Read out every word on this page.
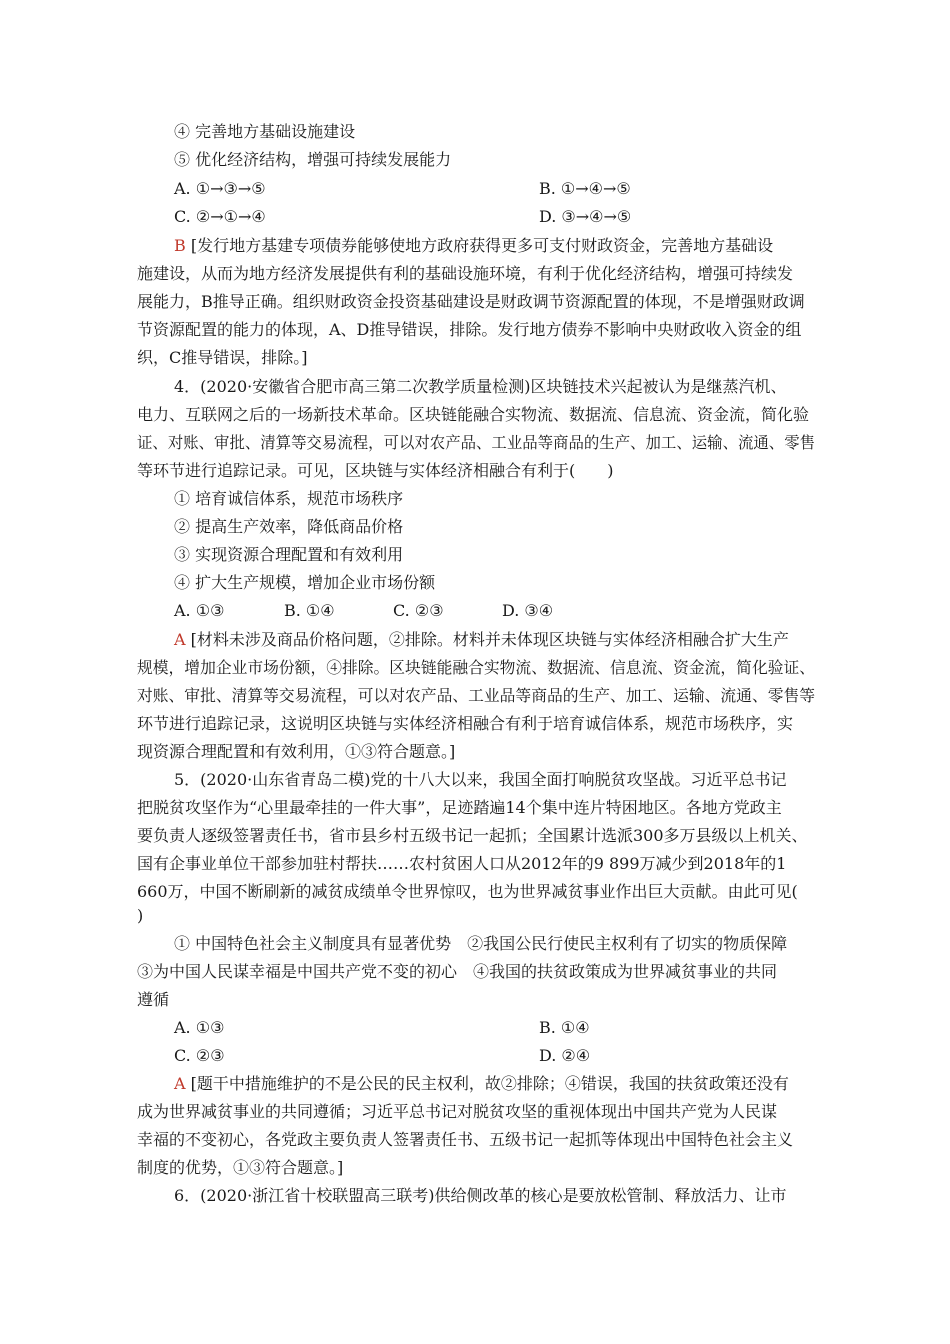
④ 完善地方基础设施建设
⑤ 优化经济结构，增强可持续发展能力
A. ①→③→⑤	B. ①→④→⑤
C. ②→①→④	D. ③→④→⑤
B [发行地方基建专项债券能够使地方政府获得更多可支付财政资金，完善地方基础设
施建设，从而为地方经济发展提供有利的基础设施环境，有利于优化经济结构，增强可持续发
展能力，B推导正确。组织财政资金投资基础建设是财政调节资源配置的体现，不是增强财政调
节资源配置的能力的体现，A、D推导错误，排除。发行地方债券不影响中央财政收入资金的组
织，C推导错误，排除。]
4．(2020·安徽省合肥市高三第二次教学质量检测)区块链技术兴起被认为是继蒸汽机、
电力、互联网之后的一场新技术革命。区块链能融合实物流、数据流、信息流、资金流，简化验
证、对账、审批、清算等交易流程，可以对农产品、工业品等商品的生产、加工、运输、流通、零售
等环节进行追踪记录。可见，区块链与实体经济相融合有利于(　　)
① 培育诚信体系，规范市场秩序
② 提高生产效率，降低商品价格
③ 实现资源合理配置和有效利用
④ 扩大生产规模，增加企业市场份额
A. ①③	B. ①④	C. ②③	D. ③④
A [材料未涉及商品价格问题，②排除。材料并未体现区块链与实体经济相融合扩大生产
规模，增加企业市场份额，④排除。区块链能融合实物流、数据流、信息流、资金流，简化验证、
对账、审批、清算等交易流程，可以对农产品、工业品等商品的生产、加工、运输、流通、零售等
环节进行追踪记录，这说明区块链与实体经济相融合有利于培育诚信体系，规范市场秩序，实
现资源合理配置和有效利用，①③符合题意。]
5．(2020·山东省青岛二模)党的十八大以来，我国全面打响脱贫攻坚战。习近平总书记
把脱贫攻坚作为“心里最牵挂的一件大事”，足迹踏遍14个集中连片特困地区。各地方党政主
要负责人逐级签署责任书，省市县乡村五级书记一起抓；全国累计选派300多万县级以上机关、
国有企事业单位干部参加驻村帮扶……农村贫困人口从2012年的9 899万减少到2018年的1
660万，中国不断刷新的减贫成绩单令世界惊叹，也为世界减贫事业作出巨大贡献。由此可见(
)
① 中国特色社会主义制度具有显著优势　②我国公民行使民主权利有了切实的物质保障
③为中国人民谋幸福是中国共产党不变的初心　④我国的扶贫政策成为世界减贫事业的共同
遵循
A. ①③	B. ①④
C. ②③	D. ②④
A [题干中措施维护的不是公民的民主权利，故②排除；④错误，我国的扶贫政策还没有
成为世界减贫事业的共同遵循；习近平总书记对脱贫攻坚的重视体现出中国共产党为人民谋
幸福的不变初心，各党政主要负责人签署责任书、五级书记一起抓等体现出中国特色社会主义
制度的优势，①③符合题意。]
6．(2020·浙江省十校联盟高三联考)供给侧改革的核心是要放松管制、释放活力、让市
